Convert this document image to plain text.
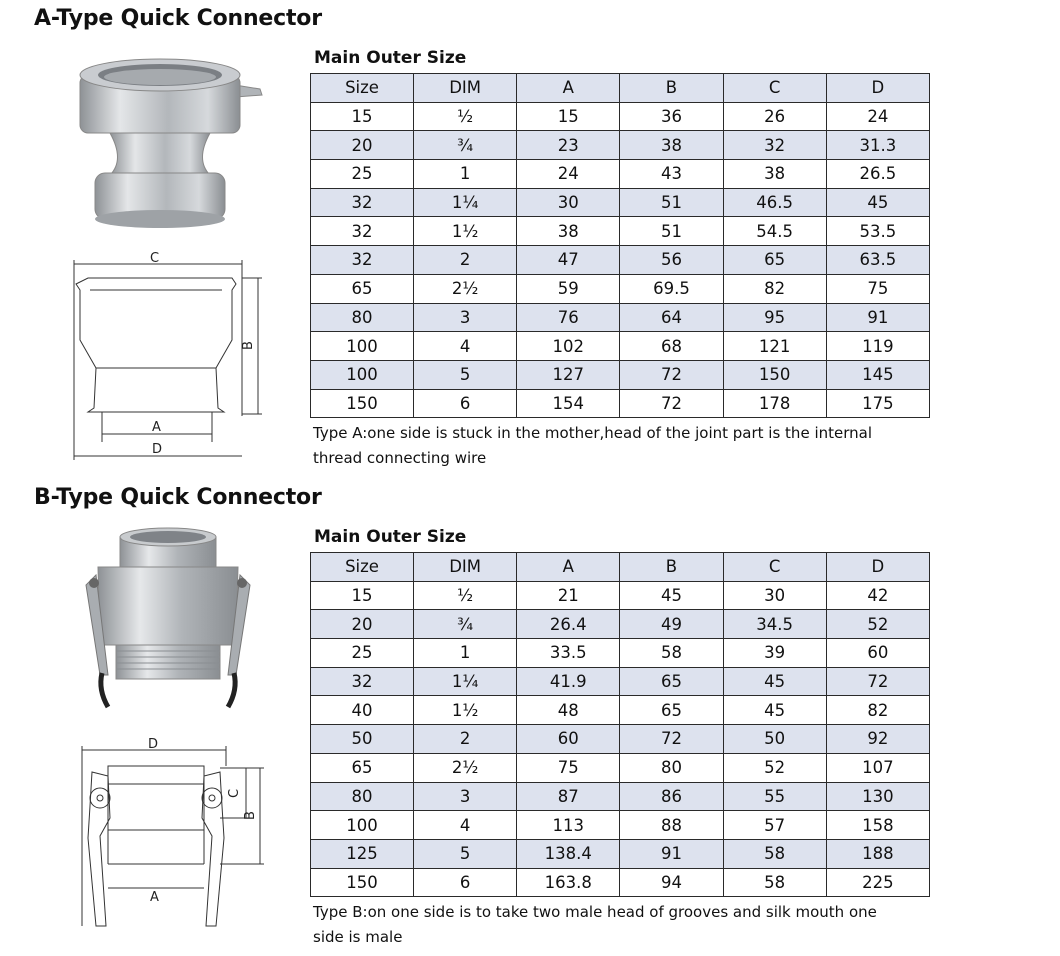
A-Type Quick Connector
C
B
A
D
Main Outer Size
Size	DIM	A	B	C	D
15	½	15	36	26	24
20	¾	23	38	32	31.3
25	1	24	43	38	26.5
32	1¼	30	51	46.5	45
32	1½	38	51	54.5	53.5
32	2	47	56	65	63.5
65	2½	59	69.5	82	75
80	3	76	64	95	91
100	4	102	68	121	119
100	5	127	72	150	145
150	6	154	72	178	175
Type A:one side is stuck in the mother,head of the joint part is the internal
thread connecting wire
B-Type Quick Connector
D
C
B
A
Main Outer Size
Size	DIM	A	B	C	D
15	½	21	45	30	42
20	¾	26.4	49	34.5	52
25	1	33.5	58	39	60
32	1¼	41.9	65	45	72
40	1½	48	65	45	82
50	2	60	72	50	92
65	2½	75	80	52	107
80	3	87	86	55	130
100	4	113	88	57	158
125	5	138.4	91	58	188
150	6	163.8	94	58	225
Type B:on one side is to take two male head of grooves and silk mouth one
side is male
